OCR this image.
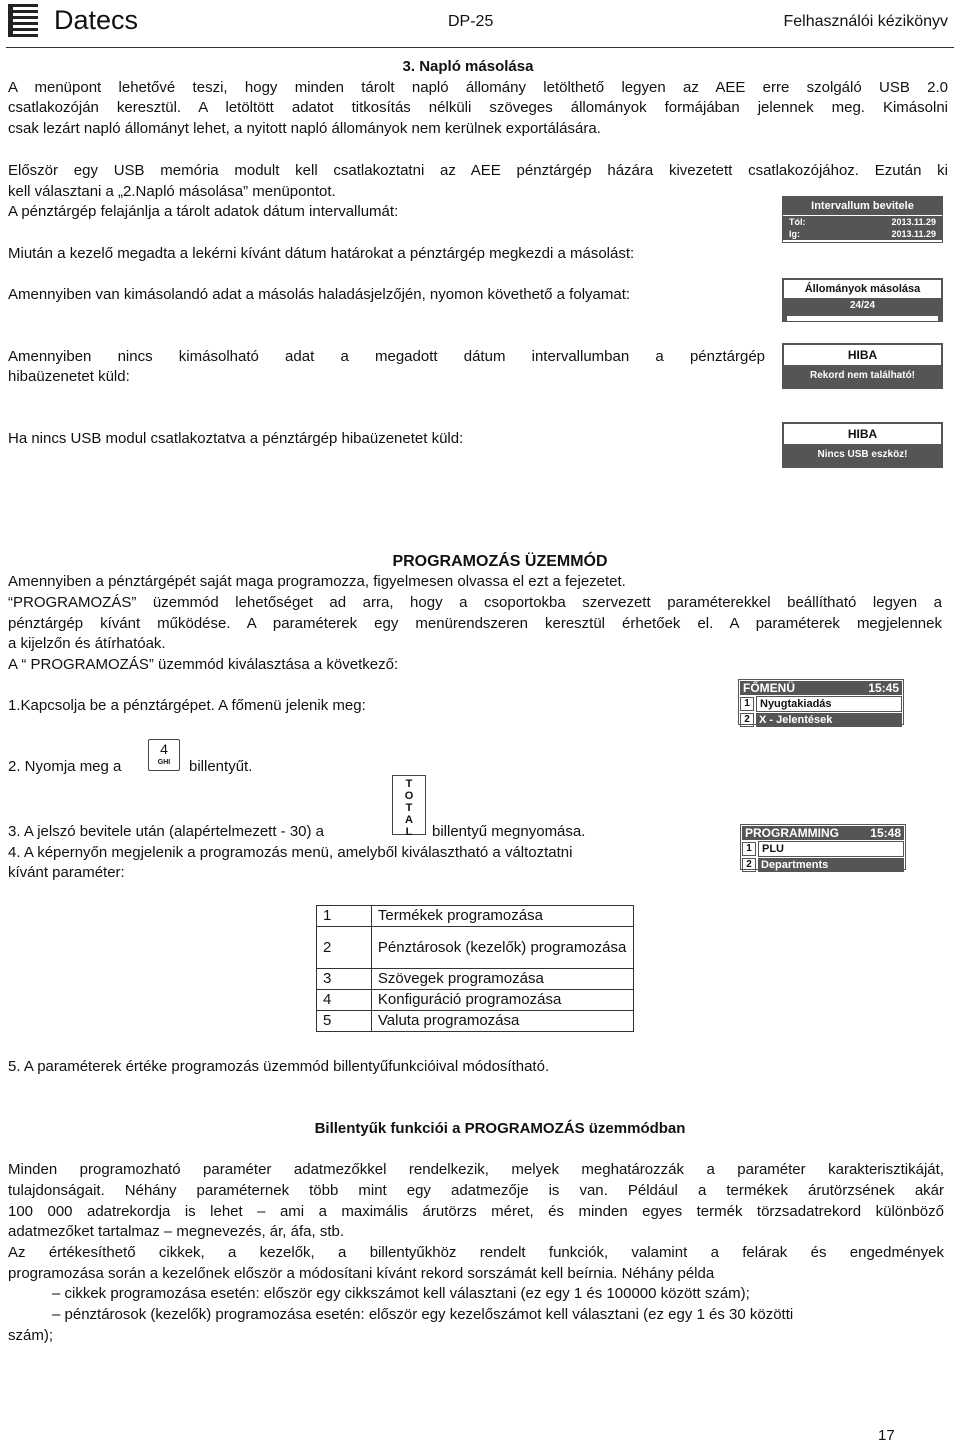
Datecs	DP-25	Felhasználói kézikönyv
3. Napló másolása
A menüpont lehetővé teszi, hogy minden tárolt napló állomány letölthető legyen az AEE erre szolgáló USB 2.0
csatlakozóján keresztül. A letöltött adatot titkosítás nélküli szöveges állományok formájában jelennek meg. Kimásolni
csak lezárt napló állományt lehet, a nyitott napló állományok nem kerülnek exportálására.
Először egy USB memória modult kell csatlakoztatni az AEE pénztárgép házára kivezetett csatlakozójához. Ezután ki
kell választani a „2.Napló másolása” menüpontot.
A pénztárgép felajánlja a tárolt adatok dátum intervallumát:
Miután a kezelő megadta a lekérni kívánt dátum határokat a pénztárgép megkezdi a másolást:
Amennyiben van kimásolandó adat a másolás haladásjelzőjén, nyomon követhető a folyamat:
Amennyiben nincs kimásolható adat a megadott dátum intervallumban a pénztárgép
hibaüzenetet küld:
Ha nincs USB modul csatlakoztatva a pénztárgép hibaüzenetet küld:
Intervallum bevitele
Tól:	2013.11.29
Ig:	2013.11.29
Állományok másolása
24/24
HIBA
Rekord nem található!
HIBA
Nincs USB eszköz!
PROGRAMOZÁS ÜZEMMÓD
Amennyiben a pénztárgépét saját maga programozza, figyelmesen olvassa el ezt a fejezetet.
“PROGRAMOZÁS” üzemmód lehetőséget ad arra, hogy a csoportokba szervezett paraméterekkel beállítható legyen a
pénztárgép kívánt működése. A paraméterek egy menürendszeren keresztül érhetőek el. A paraméterek megjelennek
a kijelzőn és átírhatóak.
A “ PROGRAMOZÁS” üzemmód kiválasztása a következő:
1.Kapcsolja be a pénztárgépet. A főmenü jelenik meg:
FŐMENÜ	15:45
1 Nyugtakiadás
2 X - Jelentések
2. Nyomja meg a
4
GHI	billentyűt.
3. A jelszó bevitele után (alapértelmezett - 30) a
T
O
T
A
L	billentyű megnyomása.
4. A képernyőn megjelenik a programozás menü, amelyből kiválasztható a változtatni
kívánt paraméter:
PROGRAMMING	15:48
1 PLU
2 Departments
1	Termékek programozása
2	Pénztárosok (kezelők) programozása
3	Szövegek programozása
4	Konfiguráció programozása
5	Valuta programozása
5. A paraméterek értéke programozás üzemmód billentyűfunkcióival módosítható.
Billentyűk funkciói a PROGRAMOZÁS üzemmódban
Minden programozható paraméter adatmezőkkel rendelkezik, melyek meghatározzák a paraméter karakterisztikáját,
tulajdonságait. Néhány paraméternek több mint egy adatmezője is van. Például a termékek árutörzsének akár
100 000 adatrekordja is lehet – ami a maximális árutörzs méret, és minden egyes termék törzsadatrekord különböző
adatmezőket tartalmaz – megnevezés, ár, áfa, stb.
Az értékesíthető cikkek, a kezelők, a billentyűkhöz rendelt funkciók, valamint a felárak és engedmények
programozása során a kezelőnek először a módosítani kívánt rekord sorszámát kell beírnia. Néhány példa
– cikkek programozása esetén: először egy cikkszámot kell választani (ez egy 1 és 100000 között szám);
– pénztárosok (kezelők) programozása esetén: először egy kezelőszámot kell választani (ez egy 1 és 30 közötti
szám);
17
